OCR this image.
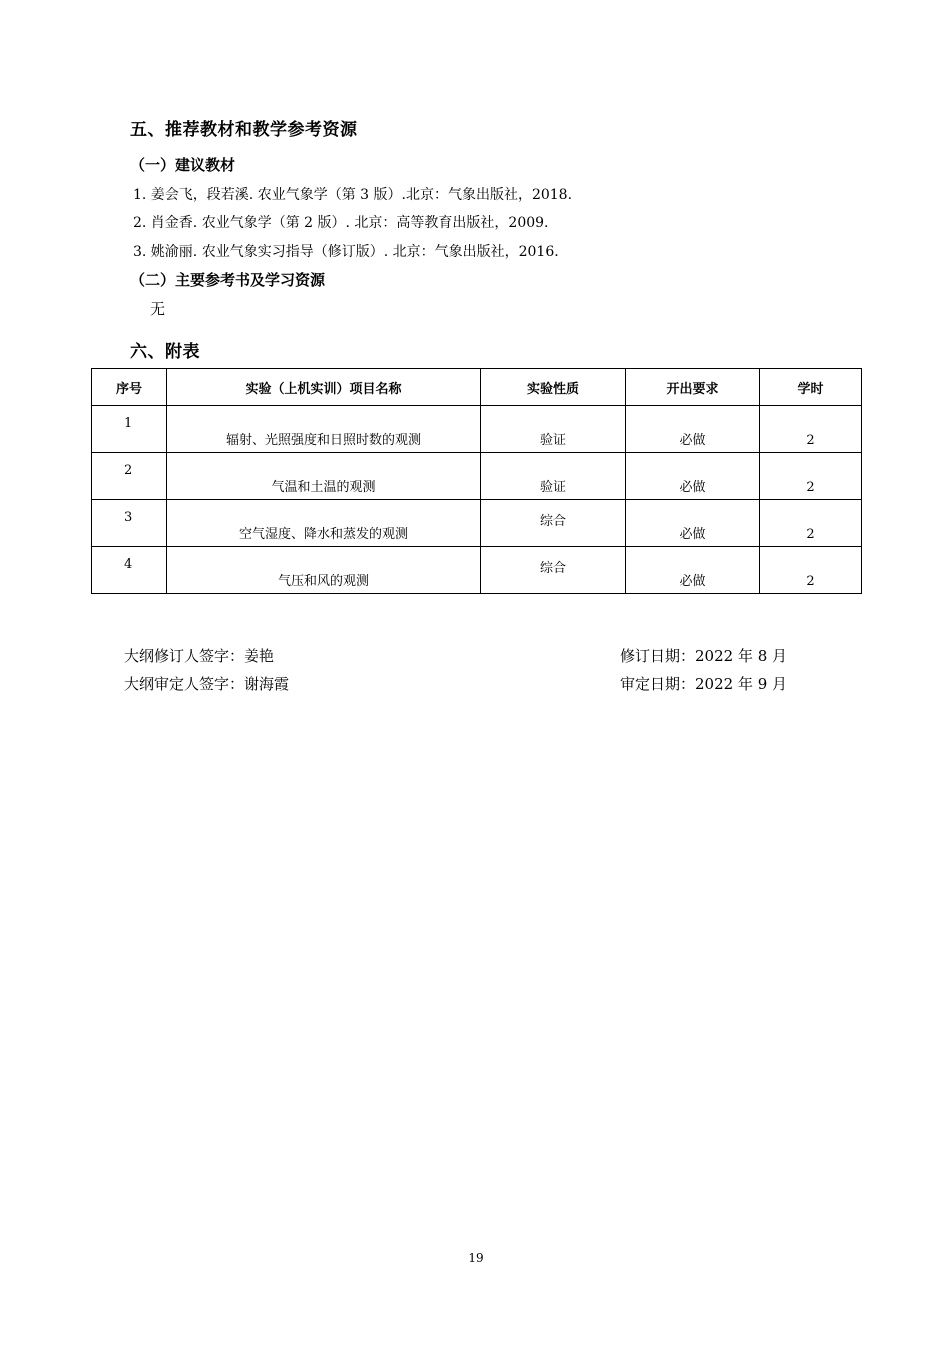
五、推荐教材和教学参考资源
（一）建议教材
1. 姜会飞，段若溪. 农业气象学（第 3 版）.北京：气象出版社，2018.
2. 肖金香. 农业气象学（第 2 版）. 北京：高等教育出版社，2009.
3. 姚渝丽. 农业气象实习指导（修订版）. 北京：气象出版社，2016.
（二）主要参考书及学习资源
无
六、附表
序号	实验（上机实训）项目名称	实验性质	开出要求	学时
1	辐射、光照强度和日照时数的观测	验证	必做	2
2	气温和土温的观测	验证	必做	2
3	空气湿度、降水和蒸发的观测	综合	必做	2
4	气压和风的观测	综合	必做	2
大纲修订人签字：姜艳	修订日期：2022 年 8 月
大纲审定人签字：谢海霞	审定日期：2022 年 9 月
19
